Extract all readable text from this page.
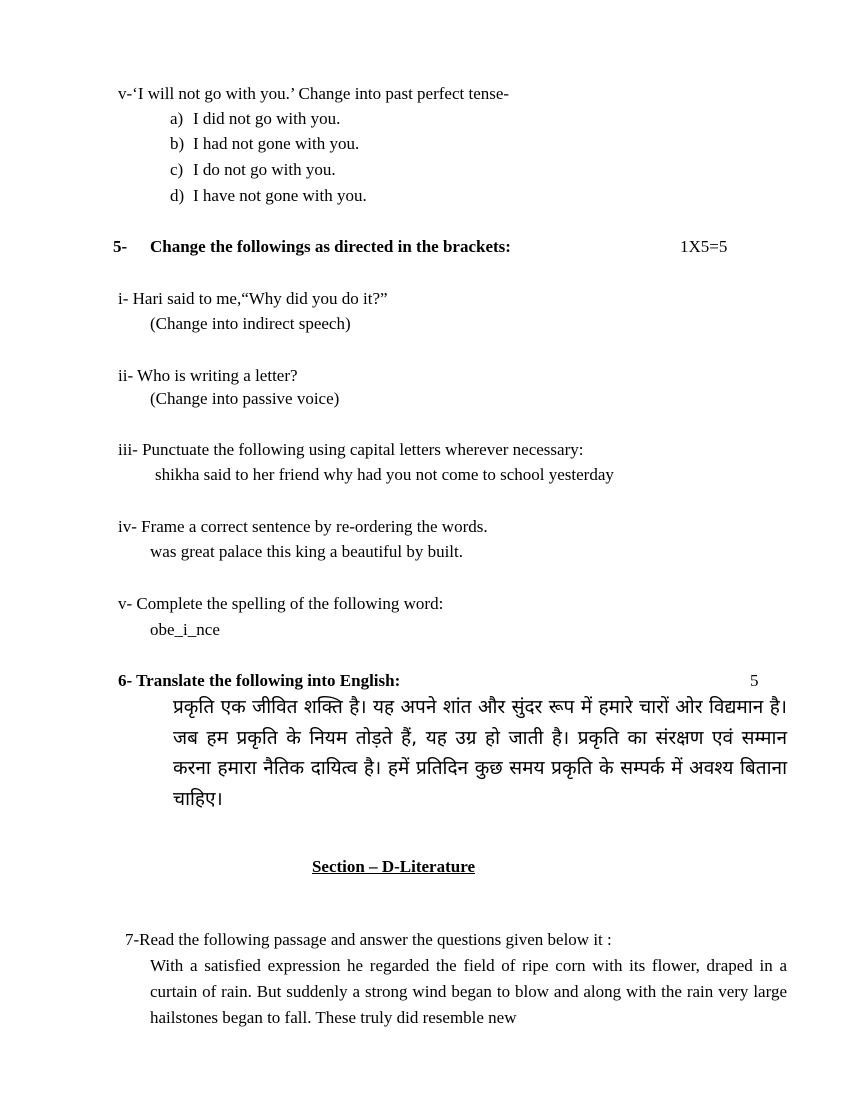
v-‘I will not go with you.’ Change into past perfect tense-
a) I did not go with you.
b) I had not gone with you.
c) I do not go with you.
d) I have not gone with you.
5- Change the followings as directed in the brackets:	1X5=5
i- Hari said to me,“Why did you do it?”
(Change into indirect speech)
ii- Who is writing a letter?
(Change into passive voice)
iii- Punctuate the following using capital letters wherever necessary:
shikha said to her friend why had you not come to school yesterday
iv- Frame a correct sentence by re-ordering the words.
was great palace this king a beautiful by built.
v- Complete the spelling of the following word:
obe_i_nce
6- Translate the following into English:	5
प्रकृति एक जीवित शक्ति है। यह अपने शांत और सुंदर रूप में हमारे चारों ओर विद्यमान है। जब हम प्रकृति के नियम तोड़ते हैं, यह उग्र हो जाती है। प्रकृति का संरक्षण एवं सम्मान करना हमारा नैतिक दायित्व है। हमें प्रतिदिन कुछ समय प्रकृति के सम्पर्क में अवश्य बिताना चाहिए।
Section – D-Literature
7-Read the following passage and answer the questions given below it :
With a satisfied expression he regarded the field of ripe corn with its flower, draped in a curtain of rain. But suddenly a strong wind began to blow and along with the rain very large hailstones began to fall. These truly did resemble new
